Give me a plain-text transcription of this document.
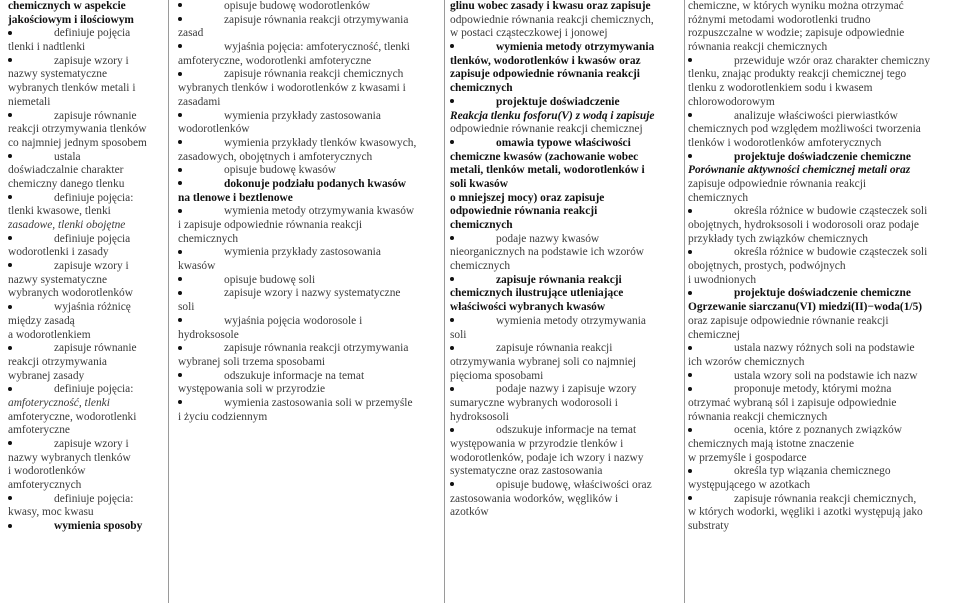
chemicznych w aspekcie
jakościowym i ilościowym
definiuje pojęcia
tlenki i nadtlenki
zapisuje wzory i
nazwy systematyczne
wybranych tlenków metali i
niemetali
zapisuje równanie
reakcji otrzymywania tlenków
co najmniej jednym sposobem
ustala
doświadczalnie charakter
chemiczny danego tlenku
definiuje pojęcia:
tlenki kwasowe, tlenki
zasadowe, tlenki obojętne
definiuje pojęcia
wodorotlenki i zasady
zapisuje wzory i
nazwy systematyczne
wybranych wodorotlenków
wyjaśnia różnicę
między zasadą
a wodorotlenkiem
zapisuje równanie
reakcji otrzymywania
wybranej zasady
definiuje pojęcia:
amfoteryczność, tlenki
amfoteryczne, wodorotlenki
amfoteryczne
zapisuje wzory i
nazwy wybranych tlenków
i wodorotlenków
amfoterycznych
definiuje pojęcia:
kwasy, moc kwasu
wymienia sposoby
opisuje budowę wodorotlenków
zapisuje równania reakcji otrzymywania
zasad
wyjaśnia pojęcia: amfoteryczność, tlenki
amfoteryczne, wodorotlenki amfoteryczne
zapisuje równania reakcji chemicznych
wybranych tlenków i wodorotlenków z kwasami i
zasadami
wymienia przykłady zastosowania
wodorotlenków
wymienia przykłady tlenków kwasowych,
zasadowych, obojętnych i amfoterycznych
opisuje budowę kwasów
dokonuje podziału podanych kwasów
na tlenowe i beztlenowe
wymienia metody otrzymywania kwasów
i zapisuje odpowiednie równania reakcji
chemicznych
wymienia przykłady zastosowania
kwasów
opisuje budowę soli
zapisuje wzory i nazwy systematyczne
soli
wyjaśnia pojęcia wodorosole i
hydroksosole
zapisuje równania reakcji otrzymywania
wybranej soli trzema sposobami
odszukuje informacje na temat
występowania soli w przyrodzie
wymienia zastosowania soli w przemyśle
i życiu codziennym
glinu wobec zasady i kwasu oraz zapisuje
odpowiednie równania reakcji chemicznych,
w postaci cząsteczkowej i jonowej
wymienia metody otrzymywania
tlenków, wodorotlenków i kwasów oraz
zapisuje odpowiednie równania reakcji
chemicznych
projektuje doświadczenie
Reakcja tlenku fosforu(V) z wodą i zapisuje
odpowiednie równanie reakcji chemicznej
omawia typowe właściwości
chemiczne kwasów (zachowanie wobec
metali, tlenków metali, wodorotlenków i
soli kwasów
o mniejszej mocy) oraz zapisuje
odpowiednie równania reakcji
chemicznych
podaje nazwy kwasów
nieorganicznych na podstawie ich wzorów
chemicznych
zapisuje równania reakcji
chemicznych ilustrujące utleniające
właściwości wybranych kwasów
wymienia metody otrzymywania
soli
zapisuje równania reakcji
otrzymywania wybranej soli co najmniej
pięcioma sposobami
podaje nazwy i zapisuje wzory
sumaryczne wybranych wodorosoli i
hydroksosoli
odszukuje informacje na temat
występowania w przyrodzie tlenków i
wodorotlenków, podaje ich wzory i nazwy
systematyczne oraz zastosowania
opisuje budowę, właściwości oraz
zastosowania wodorków, węglików i
azotków
chemiczne, w których wyniku można otrzymać
różnymi metodami wodorotlenki trudno
rozpuszczalne w wodzie; zapisuje odpowiednie
równania reakcji chemicznych
przewiduje wzór oraz charakter chemiczny
tlenku, znając produkty reakcji chemicznej tego
tlenku z wodorotlenkiem sodu i kwasem
chlorowodorowym
analizuje właściwości pierwiastków
chemicznych pod względem możliwości tworzenia
tlenków i wodorotlenków amfoterycznych
projektuje doświadczenie chemiczne
Porównanie aktywności chemicznej metali oraz
zapisuje odpowiednie równania reakcji
chemicznych
określa różnice w budowie cząsteczek soli
obojętnych, hydroksosoli i wodorosoli oraz podaje
przykłady tych związków chemicznych
określa różnice w budowie cząsteczek soli
obojętnych, prostych, podwójnych
i uwodnionych
projektuje doświadczenie chemiczne
Ogrzewanie siarczanu(VI) miedzi(II)−woda(1/5)
oraz zapisuje odpowiednie równanie reakcji
chemicznej
ustala nazwy różnych soli na podstawie
ich wzorów chemicznych
ustala wzory soli na podstawie ich nazw
proponuje metody, którymi można
otrzymać wybraną sól i zapisuje odpowiednie
równania reakcji chemicznych
ocenia, które z poznanych związków
chemicznych mają istotne znaczenie
w przemyśle i gospodarce
określa typ wiązania chemicznego
występującego w azotkach
zapisuje równania reakcji chemicznych,
w których wodorki, węgliki i azotki występują jako
substraty
